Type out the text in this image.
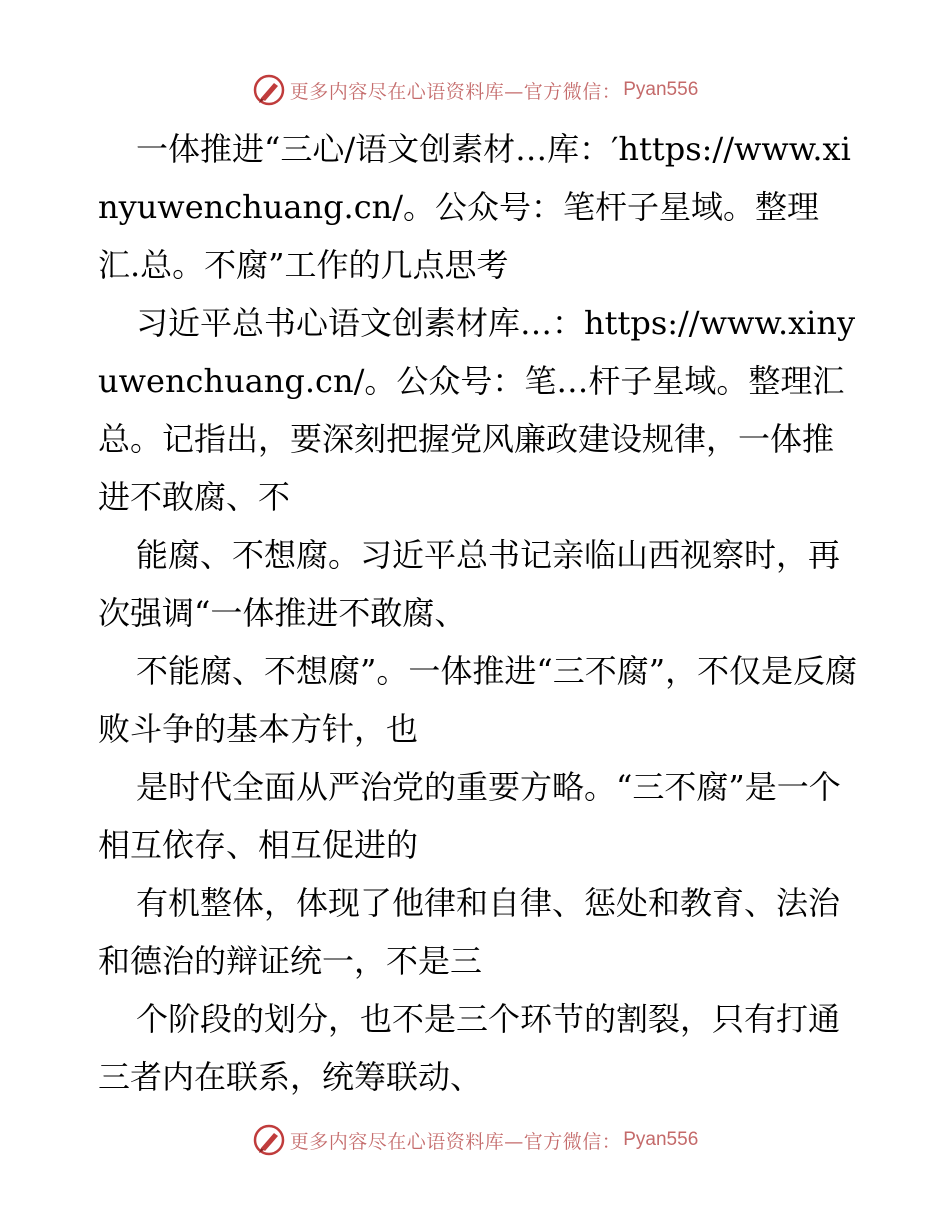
更多内容尽在心语资料库—官方微信： Pyan556

一体推进“三心/语文创素材…库：′https://www.xinyuwenchuang.cn/。公众号：笔杆子星域。整理汇.总。不腐”工作的几点思考

习近平总书心语文创素材库…：https://www.xinyuwenchuang.cn/。公众号：笔…杆子星域。整理汇总。记指出，要深刻把握党风廉政建设规律，一体推进不敢腐、不

能腐、不想腐。习近平总书记亲临山西视察时，再次强调“一体推进不敢腐、

不能腐、不想腐”。一体推进“三不腐”，不仅是反腐败斗争的基本方针，也

是时代全面从严治党的重要方略。“三不腐”是一个相互依存、相互促进的

有机整体，体现了他律和自律、惩处和教育、法治和德治的辩证统一，不是三

个阶段的划分，也不是三个环节的割裂，只有打通三者内在联系，统筹联动、

更多内容尽在心语资料库—官方微信： Pyan556
